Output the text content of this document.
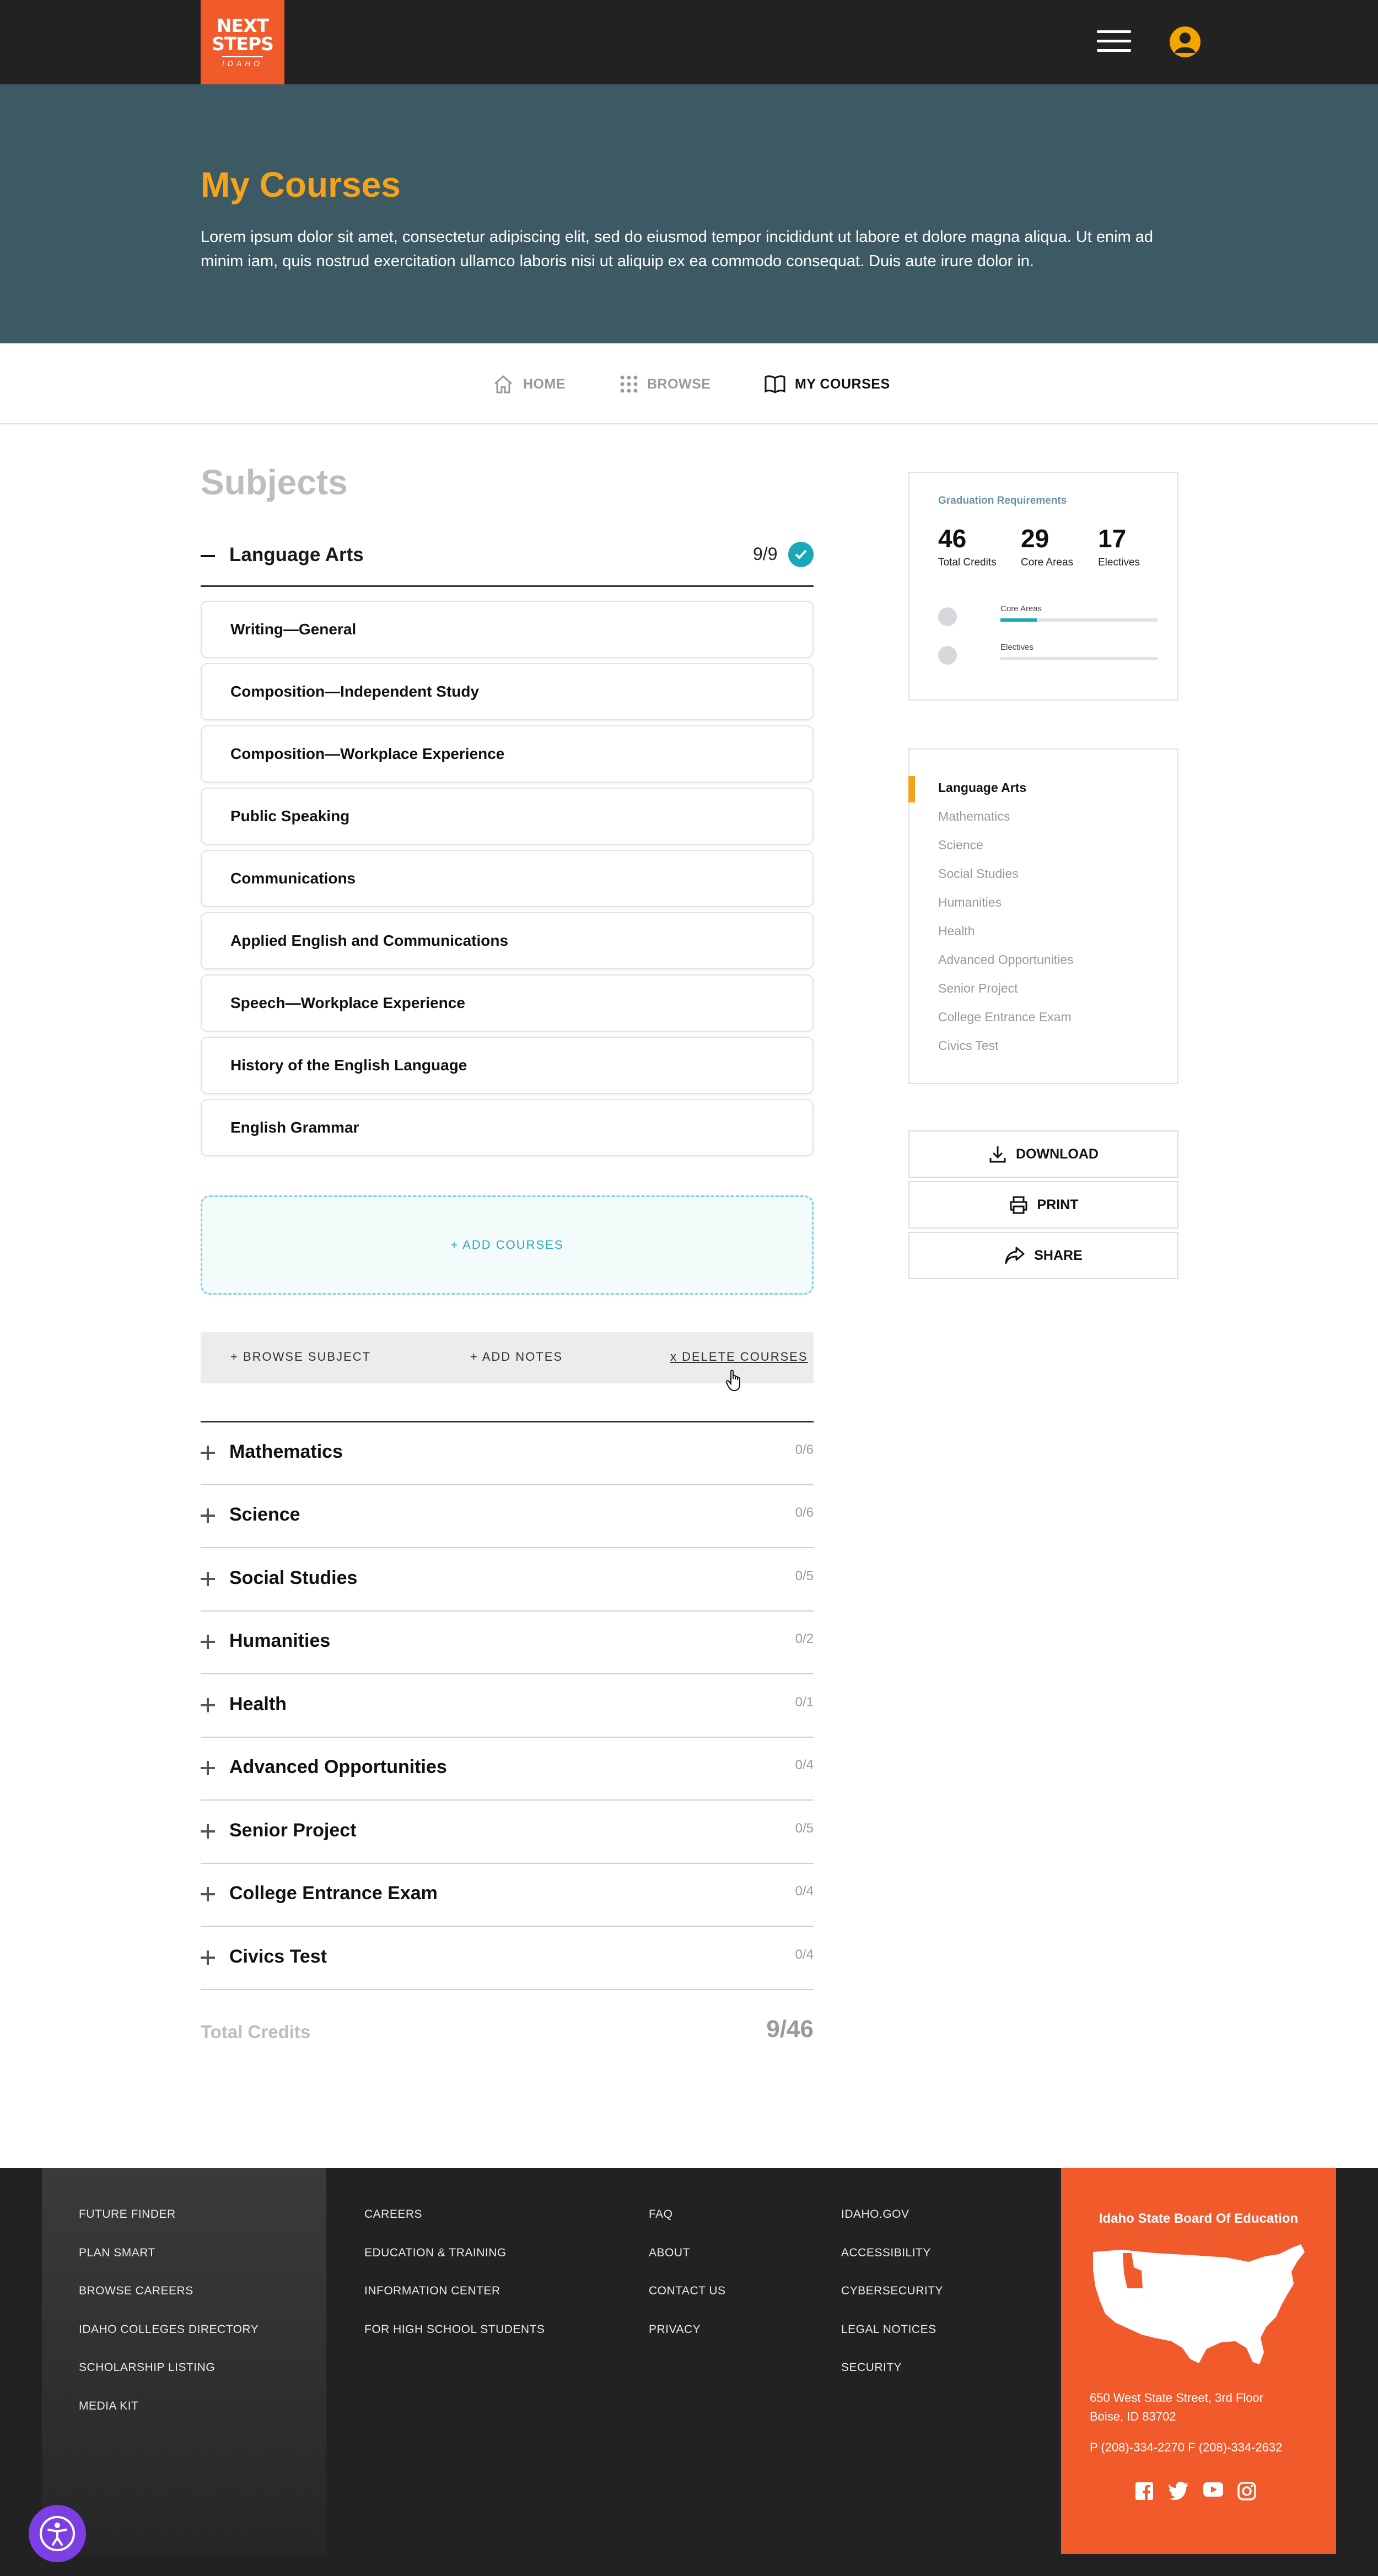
NEXT
STEPS
IDAHO
My Courses

Lorem ipsum dolor sit amet, consectetur adipiscing elit, sed do eiusmod tempor incididunt ut labore et dolore magna aliqua. Ut enim ad minim iam, quis nostrud exercitation ullamco laboris nisi ut aliquip ex ea commodo consequat. Duis aute irure dolor in.

HOME	BROWSE	MY COURSES
Subjects
Language Arts	9/9
Writing—General
Composition—Independent Study
Composition—Workplace Experience
Public Speaking
Communications
Applied English and Communications
Speech—Workplace Experience
History of the English Language
English Grammar
+ ADD COURSES
+ BROWSE SUBJECT	+ ADD NOTES	x DELETE COURSES
Mathematics	0/6
Science	0/6
Social Studies	0/5
Humanities	0/2
Health	0/1
Advanced Opportunities	0/4
Senior Project	0/5
College Entrance Exam	0/4
Civics Test	0/4
Total Credits	9/46
Graduation Requirements
46
Total Credits
29
Core Areas
17
Electives
Core Areas
Electives
Language Arts
Mathematics
Science
Social Studies
Humanities
Health
Advanced Opportunities
Senior Project
College Entrance Exam
Civics Test
DOWNLOAD
PRINT
SHARE
FUTURE FINDER
PLAN SMART
BROWSE CAREERS
IDAHO COLLEGES DIRECTORY
SCHOLARSHIP LISTING
MEDIA KIT
CAREERS
EDUCATION & TRAINING
INFORMATION CENTER
FOR HIGH SCHOOL STUDENTS
FAQ
ABOUT
CONTACT US
PRIVACY
IDAHO.GOV
ACCESSIBILITY
CYBERSECURITY
LEGAL NOTICES
SECURITY
Idaho State Board Of Education
650 West State Street, 3rd Floor
Boise, ID 83702
P (208)-334-2270 F (208)-334-2632
